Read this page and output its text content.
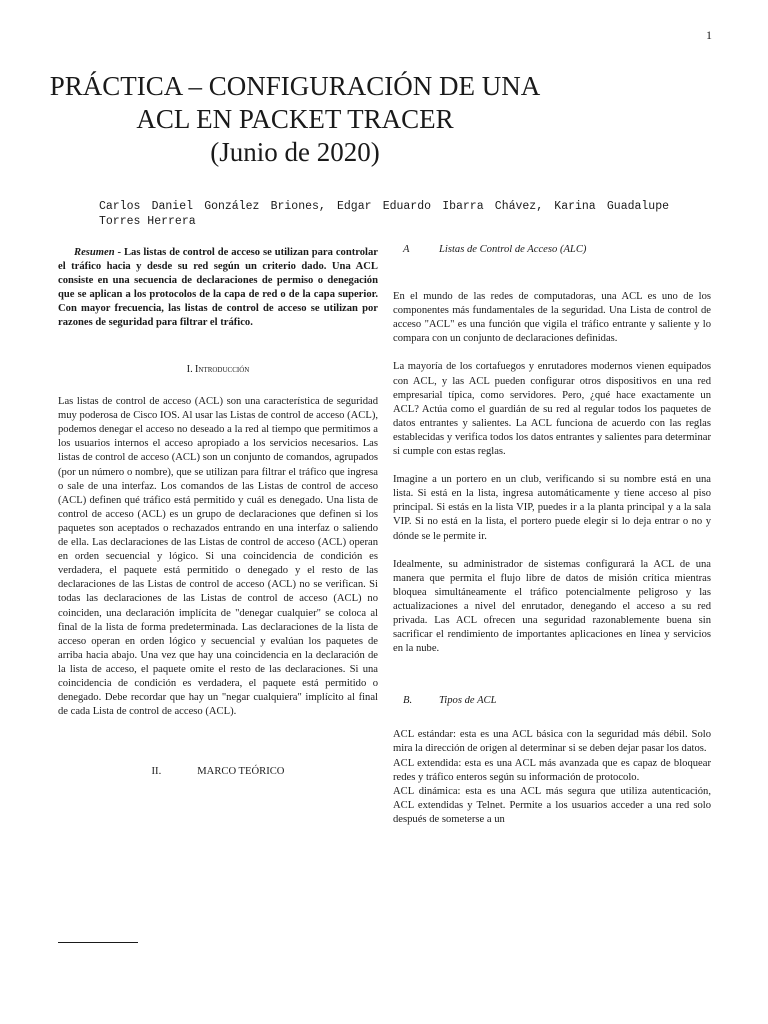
1
PRÁCTICA – CONFIGURACIÓN DE UNA
ACL EN PACKET TRACER
(Junio de 2020)
Carlos Daniel González Briones, Edgar Eduardo Ibarra Chávez, Karina Guadalupe Torres Herrera

Resumen - Las listas de control de acceso se utilizan para controlar el tráfico hacia y desde su red según un criterio dado. Una ACL consiste en una secuencia de declaraciones de permiso o denegación que se aplican a los protocolos de la capa de red o de la capa superior. Con mayor frecuencia, las listas de control de acceso se utilizan por razones de seguridad para filtrar el tráfico.

I. Introducción

Las listas de control de acceso (ACL) son una característica de seguridad muy poderosa de Cisco IOS. Al usar las Listas de control de acceso (ACL), podemos denegar el acceso no deseado a la red al tiempo que permitimos a los usuarios internos el acceso apropiado a los servicios necesarios. Las listas de control de acceso (ACL) son un conjunto de comandos, agrupados (por un número o nombre), que se utilizan para filtrar el tráfico que ingresa o sale de una interfaz. Los comandos de las Listas de control de acceso (ACL) definen qué tráfico está permitido y cuál es denegado. Una lista de control de acceso (ACL) es un grupo de declaraciones que definen si los paquetes son aceptados o rechazados entrando en una interfaz o saliendo de ella. Las declaraciones de las Listas de control de acceso (ACL) operan en orden secuencial y lógico. Si una coincidencia de condición es verdadera, el paquete está permitido o denegado y el resto de las declaraciones de las Listas de control de acceso (ACL) no se verifican. Si todas las declaraciones de las Listas de control de acceso (ACL) no coinciden, una declaración implícita de "denegar cualquier" se coloca al final de la lista de forma predeterminada. Las declaraciones de la lista de acceso operan en orden lógico y secuencial y evalúan los paquetes de arriba hacia abajo. Una vez que hay una coincidencia en la declaración de la lista de acceso, el paquete omite el resto de las declaraciones. Si una coincidencia de condición es verdadera, el paquete está permitido o denegado. Debe recordar que hay un "negar cualquiera" implícito al final de cada Lista de control de acceso (ACL).

II.	MARCO TEÓRICO
A	Listas de Control de Acceso (ALC)

En el mundo de las redes de computadoras, una ACL es uno de los componentes más fundamentales de la seguridad. Una Lista de control de acceso "ACL" es una función que vigila el tráfico entrante y saliente y lo compara con un conjunto de declaraciones definidas.

La mayoría de los cortafuegos y enrutadores modernos vienen equipados con ACL, y las ACL pueden configurar otros dispositivos en una red empresarial típica, como servidores. Pero, ¿qué hace exactamente un ACL? Actúa como el guardián de su red al regular todos los paquetes de datos entrantes y salientes. La ACL funciona de acuerdo con las reglas establecidas y verifica todos los datos entrantes y salientes para determinar si cumple con estas reglas.

Imagine a un portero en un club, verificando si su nombre está en una lista. Si está en la lista, ingresa automáticamente y tiene acceso al piso principal. Si estás en la lista VIP, puedes ir a la planta principal y a la sala VIP. Si no está en la lista, el portero puede elegir si lo deja entrar o no y dónde se le permite ir.

Idealmente, su administrador de sistemas configurará la ACL de una manera que permita el flujo libre de datos de misión crítica mientras bloquea simultáneamente el tráfico potencialmente peligroso y las actualizaciones a nivel del enrutador, denegando el acceso a su red privada. Las ACL ofrecen una seguridad razonablemente buena sin sacrificar el rendimiento de importantes aplicaciones en línea y servicios en la nube.

B.	Tipos de ACL

ACL estándar: esta es una ACL básica con la seguridad más débil. Solo mira la dirección de origen al determinar si se deben dejar pasar los datos.

ACL extendida: esta es una ACL más avanzada que es capaz de bloquear redes y tráfico enteros según su información de protocolo.

ACL dinámica: esta es una ACL más segura que utiliza autenticación, ACL extendidas y Telnet. Permite a los usuarios acceder a una red solo después de someterse a un
